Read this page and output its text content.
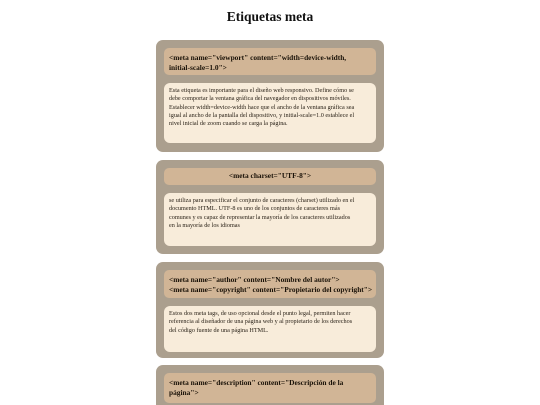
Etiquetas meta
<meta name="viewport" content="width=device-width,
initial-scale=1.0">
Esta etiqueta es importante para el diseño web responsivo. Define cómo se
debe comportar la ventana gráfica del navegador en dispositivos móviles.
Establecer width=device-width hace que el ancho de la ventana gráfica sea
igual al ancho de la pantalla del dispositivo, y initial-scale=1.0 establece el
nivel inicial de zoom cuando se carga la página.
<meta charset="UTF-8">
se utiliza para especificar el conjunto de caracteres (charset) utilizado en el
documento HTML. UTF-8 es uno de los conjuntos de caracteres más
comunes y es capaz de representar la mayoría de los caracteres utilizados
en la mayoría de los idiomas
<meta name="author" content="Nombre del autor">
<meta name="copyright" content="Propietario del copyright">
Estos dos meta tags, de uso opcional desde el punto legal, permiten hacer
referencia al diseñador de una página web y al propietario de los derechos
del código fuente de una página HTML.
<meta name="description" content="Descripción de la
página">
